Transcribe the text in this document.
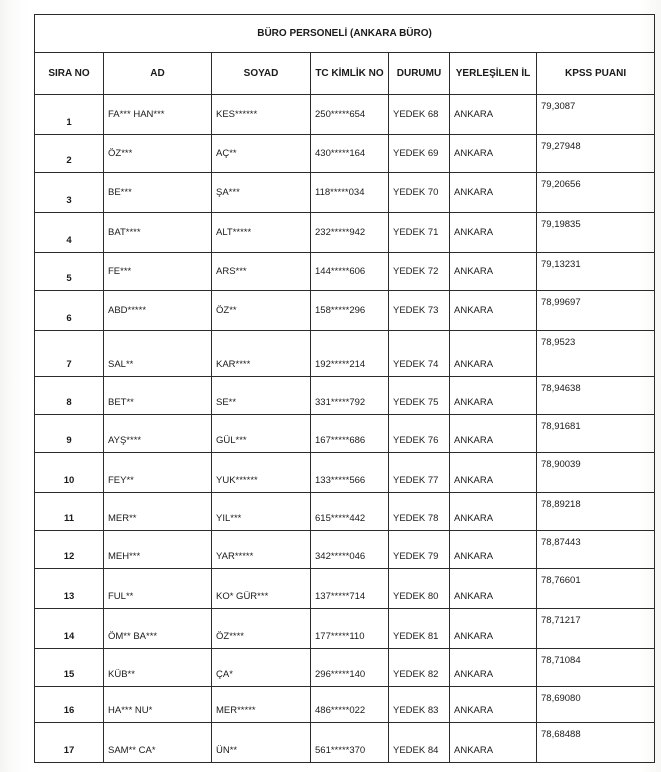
BÜRO PERSONELİ (ANKARA BÜRO)						
SIRA NO	AD	SOYAD	TC KİMLİK NO	DURUMU	YERLEŞİLEN İL	KPSS PUANI
1	FA*** HAN***	KES******	250*****654	YEDEK 68	ANKARA	79,3087
2	ÖZ***	AÇ**	430*****164	YEDEK 69	ANKARA	79,27948
3	BE***	ŞA***	118*****034	YEDEK 70	ANKARA	79,20656
4	BAT****	ALT*****	232*****942	YEDEK 71	ANKARA	79,19835
5	FE***	ARS***	144*****606	YEDEK 72	ANKARA	79,13231
6	ABD*****	ÖZ**	158*****296	YEDEK 73	ANKARA	78,99697
7	SAL**	KAR****	192*****214	YEDEK 74	ANKARA	78,9523
8	BET**	SE**	331*****792	YEDEK 75	ANKARA	78,94638
9	AYŞ****	GÜL***	167*****686	YEDEK 76	ANKARA	78,91681
10	FEY**	YUK******	133*****566	YEDEK 77	ANKARA	78,90039
11	MER**	YIL***	615*****442	YEDEK 78	ANKARA	78,89218
12	MEH***	YAR*****	342*****046	YEDEK 79	ANKARA	78,87443
13	FUL**	KO* GÜR***	137*****714	YEDEK 80	ANKARA	78,76601
14	ÖM** BA***	ÖZ****	177*****110	YEDEK 81	ANKARA	78,71217
15	KÜB**	ÇA*	296*****140	YEDEK 82	ANKARA	78,71084
16	HA*** NU*	MER*****	486*****022	YEDEK 83	ANKARA	78,69080
17	SAM** CA*	ÜN**	561*****370	YEDEK 84	ANKARA	78,68488
